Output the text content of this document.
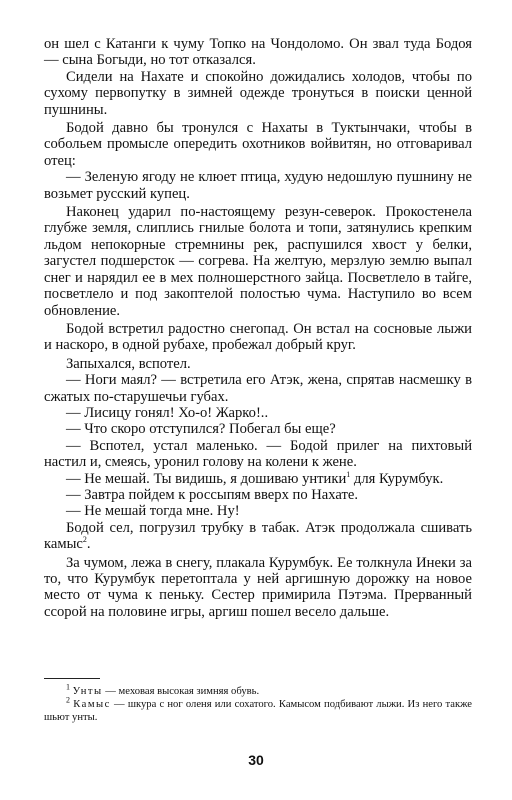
он шел с Катанги к чуму Топко на Чондоломо. Он звал туда Бодоя — сына Богыди, но тот отказался.

Сидели на Нахате и спокойно дожидались холодов, чтобы по сухому первопутку в зимней одежде тронуться в поиски ценной пушнины.

Бодой давно бы тронулся с Нахаты в Туктынчаки, чтобы в собольем промысле опередить охотников войвитян, но отговаривал отец:

— Зеленую ягоду не клюет птица, худую недошлую пушнину не возьмет русский купец.

Наконец ударил по-настоящему резун-северок. Прокостенела глубже земля, слиплись гнилые болота и топи, затянулись крепким льдом непокорные стремнины рек, распушился хвост у белки, загустел подшерсток — согрева. На желтую, мерзлую землю выпал снег и нарядил ее в мех полношерстного зайца. Посветлело в тайге, посветлело и под закоптелой полостью чума. Наступило во всем обновление.

Бодой встретил радостно снегопад. Он встал на сосновые лыжи и наскоро, в одной рубахе, пробежал добрый круг.

Запыхался, вспотел.

— Ноги маял? — встретила его Атэк, жена, спрятав насмешку в сжатых по-старушечьи губах.

— Лисицу гонял! Хо-о! Жарко!..

— Что скоро отступился? Побегал бы еще?

— Вспотел, устал маленько. — Бодой прилег на пихтовый настил и, смеясь, уронил голову на колени к жене.

— Не мешай. Ты видишь, я дошиваю унтики$^1$ для Курумбук.

— Завтра пойдем к россыпям вверх по Нахате.

— Не мешай тогда мне. Ну!

Бодой сел, погрузил трубку в табак. Атэк продолжала сшивать камыс$^2$.

За чумом, лежа в снегу, плакала Курумбук. Ее толкнула Инеки за то, что Курумбук перетоптала у ней аргишную дорожку на новое место от чума к пеньку. Сестер примирила Пэтэма. Прерванный ссорой на половине игры, аргиш пошел весело дальше.

$^1$ Унты — меховая высокая зимняя обувь.

$^2$ Камыс — шкура с ног оленя или сохатого. Камысом подбивают лыжи. Из него также шьют унты.

30
